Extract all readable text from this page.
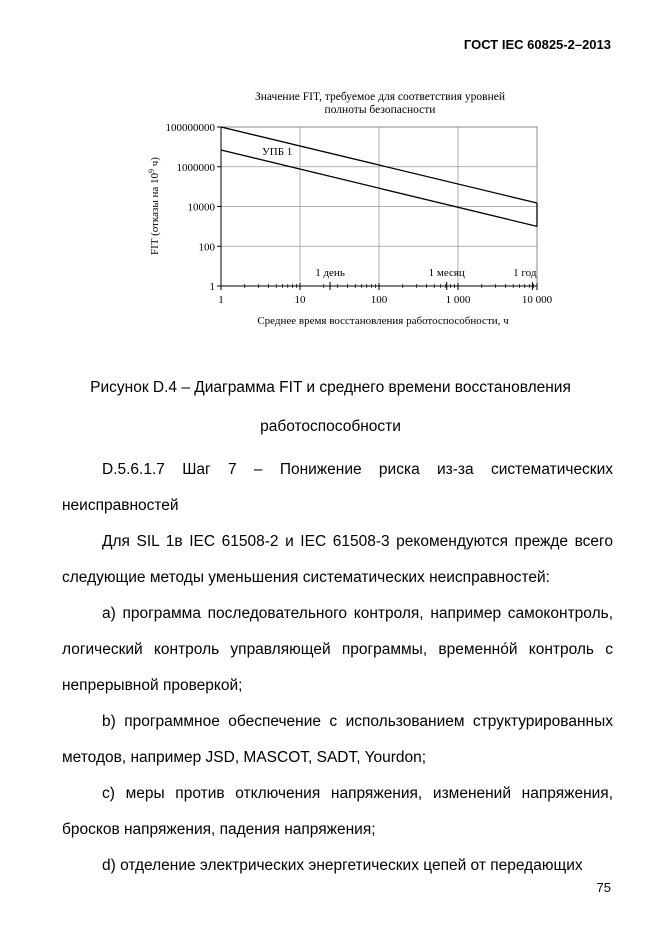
ГОСТ IEC 60825-2–2013
Значение FIT, требуемое для соответствия уровней
полноты безопасности
1
100
10000
1000000
100000000
1	10	100	1 000	10 000
УПБ 1
1 день	1 месяц	1 год
Среднее время восстановления работоспособности, ч
FIT (отказы на $10^9$ ч)
Рисунок D.4 – Диаграмма FIT и среднего времени восстановления
работоспособности

D.5.6.1.7 Шаг 7 – Понижение риска из-за систематических неисправностей

Для SIL 1в IEC 61508-2 и IEC 61508-3 рекомендуются прежде всего следующие методы уменьшения систематических неисправностей:

а) программа последовательного контроля, например самоконтроль, логический контроль управляющей программы, временно́й контроль с непрерывной проверкой;

b) программное обеспечение с использованием структурированных методов, например JSD, MASCOT, SADT, Yourdon;

с) меры против отключения напряжения, изменений напряжения, бросков напряжения, падения напряжения;

d) отделение электрических энергетических цепей от передающих

75
